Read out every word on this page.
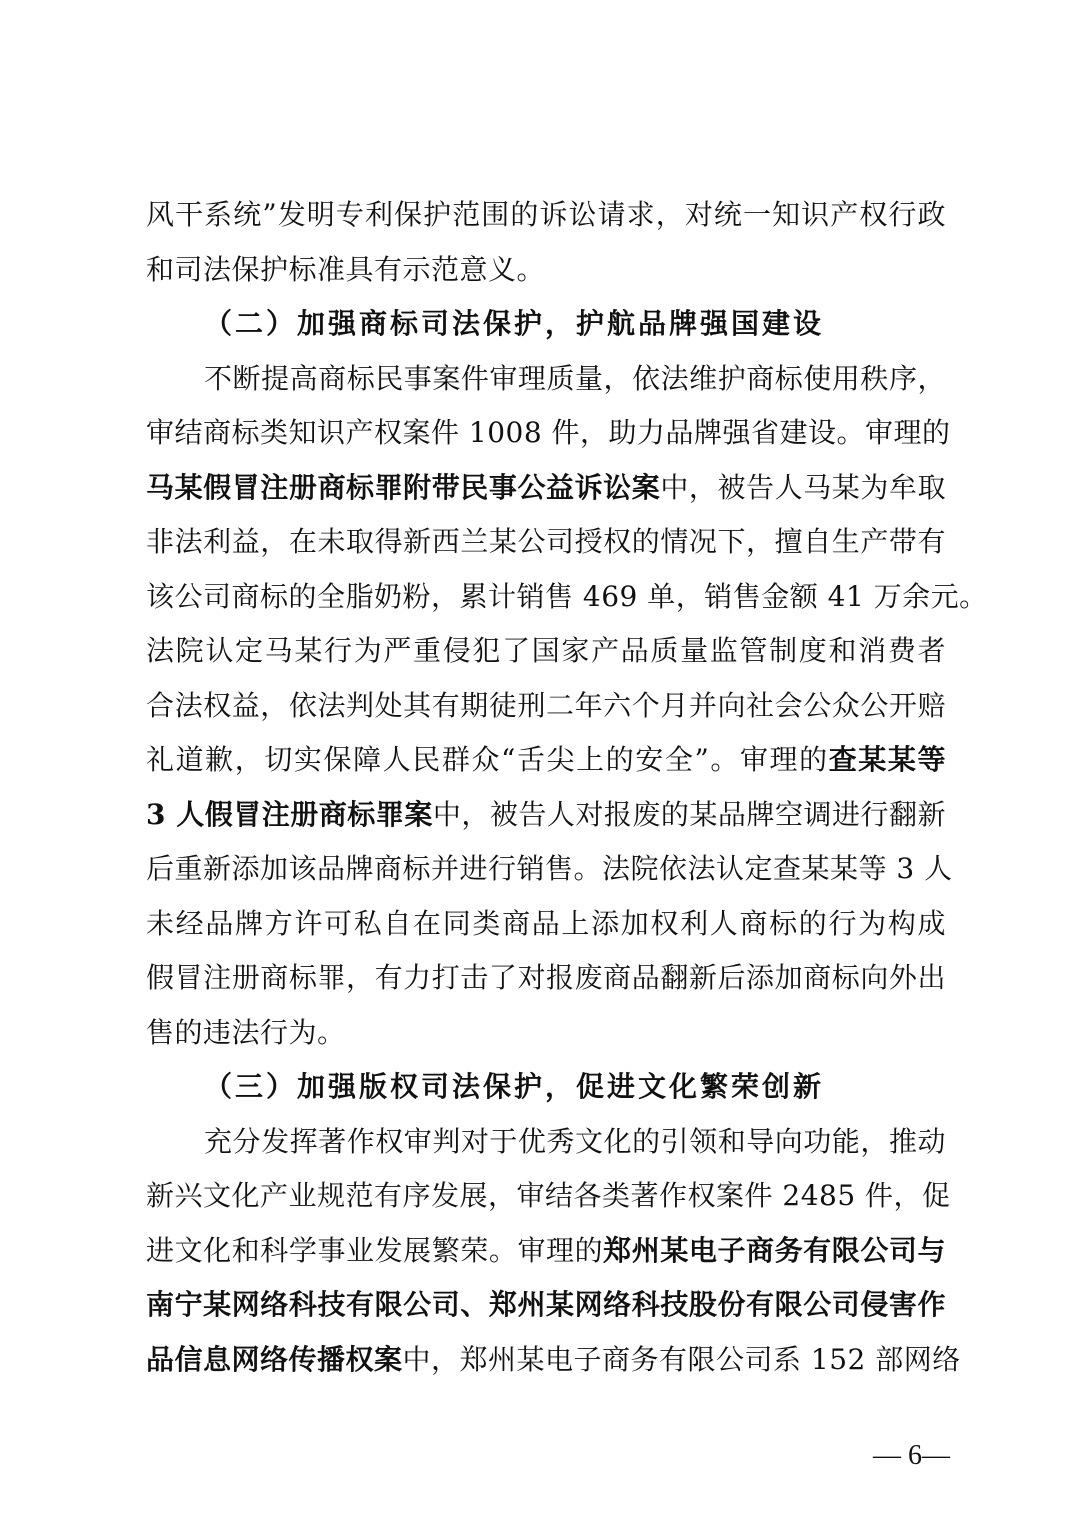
风干系统”发明专利保护范围的诉讼请求，对统一知识产权行政
和司法保护标准具有示范意义。
（二）加强商标司法保护，护航品牌强国建设
不断提高商标民事案件审理质量，依法维护商标使用秩序，
审结商标类知识产权案件 1008 件，助力品牌强省建设。审理的
马某假冒注册商标罪附带民事公益诉讼案中，被告人马某为牟取
非法利益，在未取得新西兰某公司授权的情况下，擅自生产带有
该公司商标的全脂奶粉，累计销售 469 单，销售金额 41 万余元。
法院认定马某行为严重侵犯了国家产品质量监管制度和消费者
合法权益，依法判处其有期徒刑二年六个月并向社会公众公开赔
礼道歉，切实保障人民群众“舌尖上的安全”。审理的查某某等
3 人假冒注册商标罪案中，被告人对报废的某品牌空调进行翻新
后重新添加该品牌商标并进行销售。法院依法认定查某某等 3 人
未经品牌方许可私自在同类商品上添加权利人商标的行为构成
假冒注册商标罪，有力打击了对报废商品翻新后添加商标向外出
售的违法行为。
（三）加强版权司法保护，促进文化繁荣创新
充分发挥著作权审判对于优秀文化的引领和导向功能，推动
新兴文化产业规范有序发展，审结各类著作权案件 2485 件，促
进文化和科学事业发展繁荣。审理的郑州某电子商务有限公司与
南宁某网络科技有限公司、郑州某网络科技股份有限公司侵害作
品信息网络传播权案中，郑州某电子商务有限公司系 152 部网络
— 6—
